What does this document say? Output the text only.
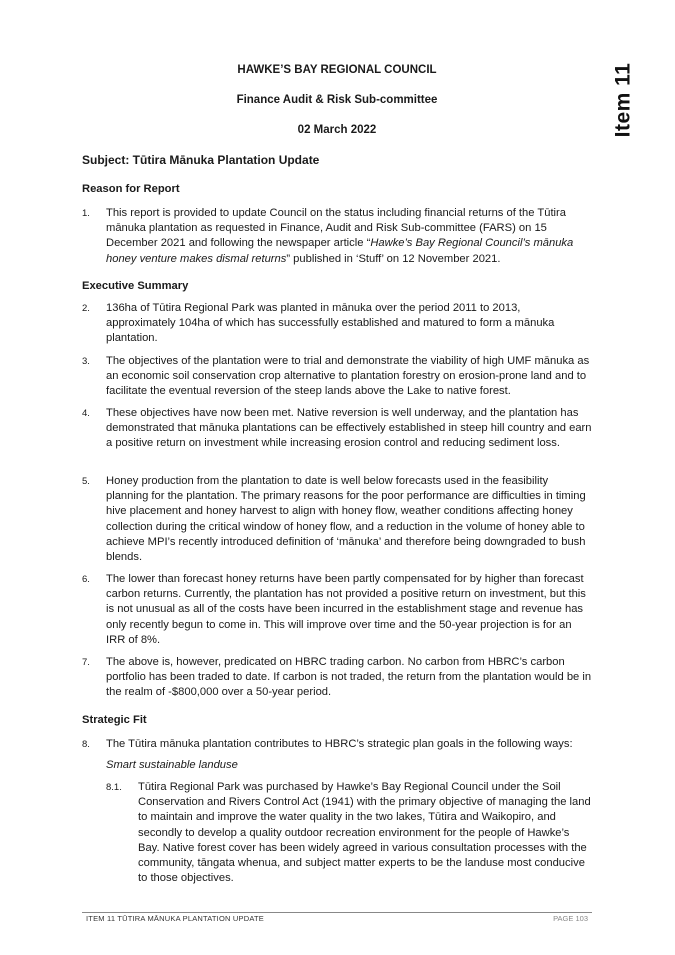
Item 11
HAWKE’S BAY REGIONAL COUNCIL
Finance Audit & Risk Sub-committee
02 March 2022
Subject: Tūtira Mānuka Plantation Update
Reason for Report
1.	This report is provided to update Council on the status including financial returns of the Tūtira mānuka plantation as requested in Finance, Audit and Risk Sub-committee (FARS) on 15 December 2021 and following the newspaper article “Hawke’s Bay Regional Council’s mānuka honey venture makes dismal returns” published in ‘Stuff’ on 12 November 2021.
Executive Summary
2.	136ha of Tūtira Regional Park was planted in mānuka over the period 2011 to 2013, approximately 104ha of which has successfully established and matured to form a mānuka plantation.
3.	The objectives of the plantation were to trial and demonstrate the viability of high UMF mānuka as an economic soil conservation crop alternative to plantation forestry on erosion-prone land and to facilitate the eventual reversion of the steep lands above the Lake to native forest.
4.	These objectives have now been met. Native reversion is well underway, and the plantation has demonstrated that mānuka plantations can be effectively established in steep hill country and earn a positive return on investment while increasing erosion control and reducing sediment loss.
5.	Honey production from the plantation to date is well below forecasts used in the feasibility planning for the plantation. The primary reasons for the poor performance are difficulties in timing hive placement and honey harvest to align with honey flow, weather conditions affecting honey collection during the critical window of honey flow, and a reduction in the volume of honey able to achieve MPI’s recently introduced definition of ‘mānuka’ and therefore being downgraded to bush blends.
6.	The lower than forecast honey returns have been partly compensated for by higher than forecast carbon returns. Currently, the plantation has not provided a positive return on investment, but this is not unusual as all of the costs have been incurred in the establishment stage and revenue has only recently begun to come in. This will improve over time and the 50-year projection is for an IRR of 8%.
7.	The above is, however, predicated on HBRC trading carbon. No carbon from HBRC’s carbon portfolio has been traded to date. If carbon is not traded, the return from the plantation would be in the realm of -$800,000 over a 50-year period.
Strategic Fit
8.	The Tūtira mānuka plantation contributes to HBRC’s strategic plan goals in the following ways:
Smart sustainable landuse
8.1. Tūtira Regional Park was purchased by Hawke’s Bay Regional Council under the Soil Conservation and Rivers Control Act (1941) with the primary objective of managing the land to maintain and improve the water quality in the two lakes, Tūtira and Waikopiro, and secondly to develop a quality outdoor recreation environment for the people of Hawke’s Bay. Native forest cover has been widely agreed in various consultation processes with the community, tāngata whenua, and subject matter experts to be the landuse most conducive to those objectives.
ITEM 11 TŪTIRA MĀNUKA PLANTATION UPDATE	PAGE 103
